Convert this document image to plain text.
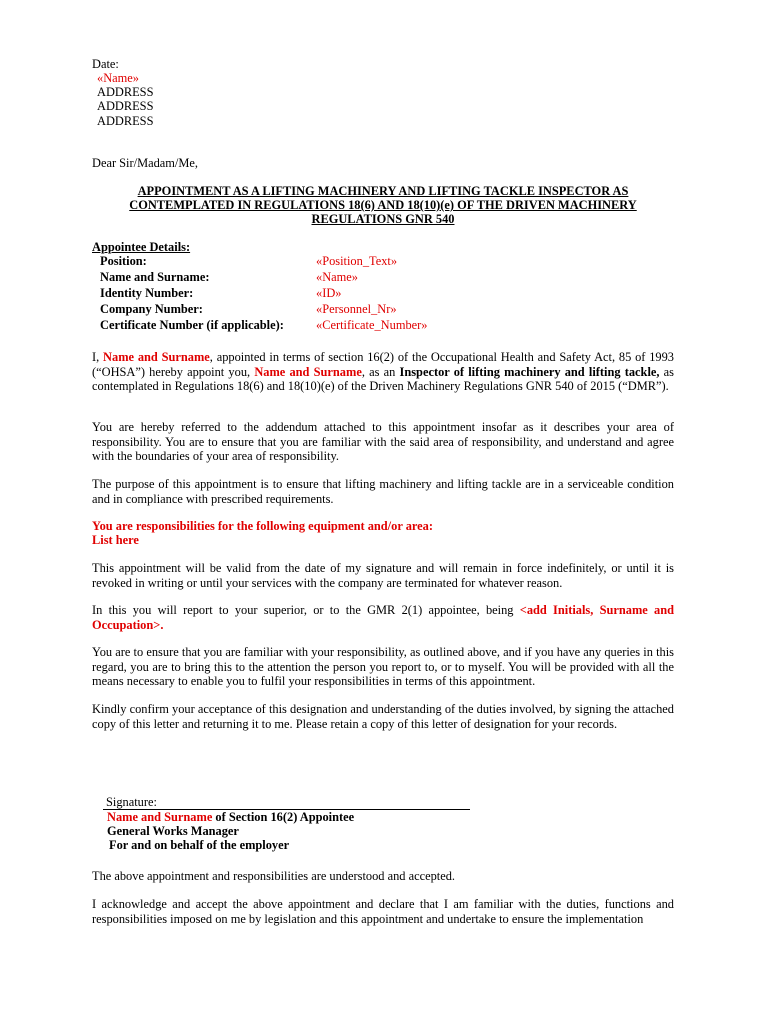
Date:
«Name»
ADDRESS
ADDRESS
ADDRESS
Dear Sir/Madam/Me,
APPOINTMENT AS A LIFTING MACHINERY AND LIFTING TACKLE INSPECTOR AS
CONTEMPLATED IN REGULATIONS 18(6) AND 18(10)(e) OF THE DRIVEN MACHINERY
REGULATIONS GNR 540
Appointee Details:
Position:	«Position_Text»
Name and Surname:	«Name»
Identity Number:	«ID»
Company Number:	«Personnel_Nr»
Certificate Number (if applicable):	«Certificate_Number»
I, Name and Surname, appointed in terms of section 16(2) of the Occupational Health and Safety Act, 85 of 1993 (“OHSA”) hereby appoint you, Name and Surname, as an Inspector of lifting machinery and lifting tackle, as contemplated in Regulations 18(6) and 18(10)(e) of the Driven Machinery Regulations GNR 540 of 2015 (“DMR”).
You are hereby referred to the addendum attached to this appointment insofar as it describes your area of responsibility. You are to ensure that you are familiar with the said area of responsibility, and understand and agree with the boundaries of your area of responsibility.
The purpose of this appointment is to ensure that lifting machinery and lifting tackle are in a serviceable condition and in compliance with prescribed requirements.
You are responsibilities for the following equipment and/or area:
List here
This appointment will be valid from the date of my signature and will remain in force indefinitely, or until it is revoked in writing or until your services with the company are terminated for whatever reason.
In this you will report to your superior, or to the GMR 2(1) appointee, being <add Initials, Surname and Occupation>.
You are to ensure that you are familiar with your responsibility, as outlined above, and if you have any queries in this regard, you are to bring this to the attention the person you report to, or to myself. You will be provided with all the means necessary to enable you to fulfil your responsibilities in terms of this appointment.
Kindly confirm your acceptance of this designation and understanding of the duties involved, by signing the attached copy of this letter and returning it to me. Please retain a copy of this letter of designation for your records.
Signature:
Name and Surname of Section 16(2) Appointee
General Works Manager
For and on behalf of the employer
The above appointment and responsibilities are understood and accepted.
I acknowledge and accept the above appointment and declare that I am familiar with the duties, functions and responsibilities imposed on me by legislation and this appointment and undertake to ensure the implementation
